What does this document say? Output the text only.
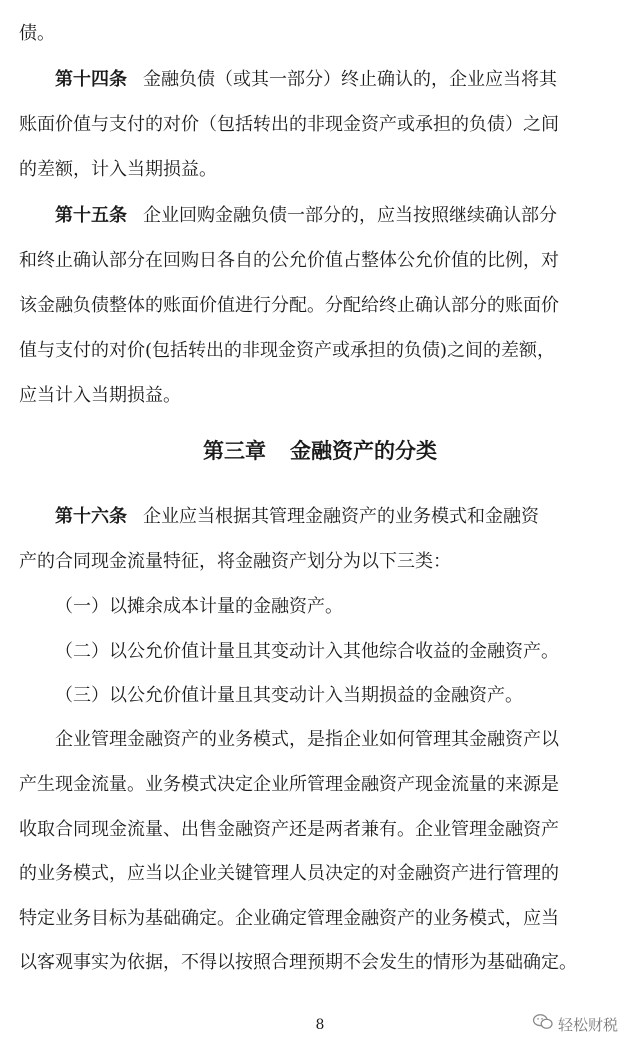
债。
第十四条 金融负债（或其一部分）终止确认的，企业应当将其
账面价值与支付的对价（包括转出的非现金资产或承担的负债）之间
的差额，计入当期损益。
第十五条 企业回购金融负债一部分的，应当按照继续确认部分
和终止确认部分在回购日各自的公允价值占整体公允价值的比例，对
该金融负债整体的账面价值进行分配。分配给终止确认部分的账面价
值与支付的对价(包括转出的非现金资产或承担的负债)之间的差额，
应当计入当期损益。
第三章 金融资产的分类
第十六条 企业应当根据其管理金融资产的业务模式和金融资
产的合同现金流量特征，将金融资产划分为以下三类：
（一）以摊余成本计量的金融资产。
（二）以公允价值计量且其变动计入其他综合收益的金融资产。
（三）以公允价值计量且其变动计入当期损益的金融资产。
企业管理金融资产的业务模式，是指企业如何管理其金融资产以
产生现金流量。业务模式决定企业所管理金融资产现金流量的来源是
收取合同现金流量、出售金融资产还是两者兼有。企业管理金融资产
的业务模式，应当以企业关键管理人员决定的对金融资产进行管理的
特定业务目标为基础确定。企业确定管理金融资产的业务模式，应当
以客观事实为依据，不得以按照合理预期不会发生的情形为基础确定。
8	轻松财税
